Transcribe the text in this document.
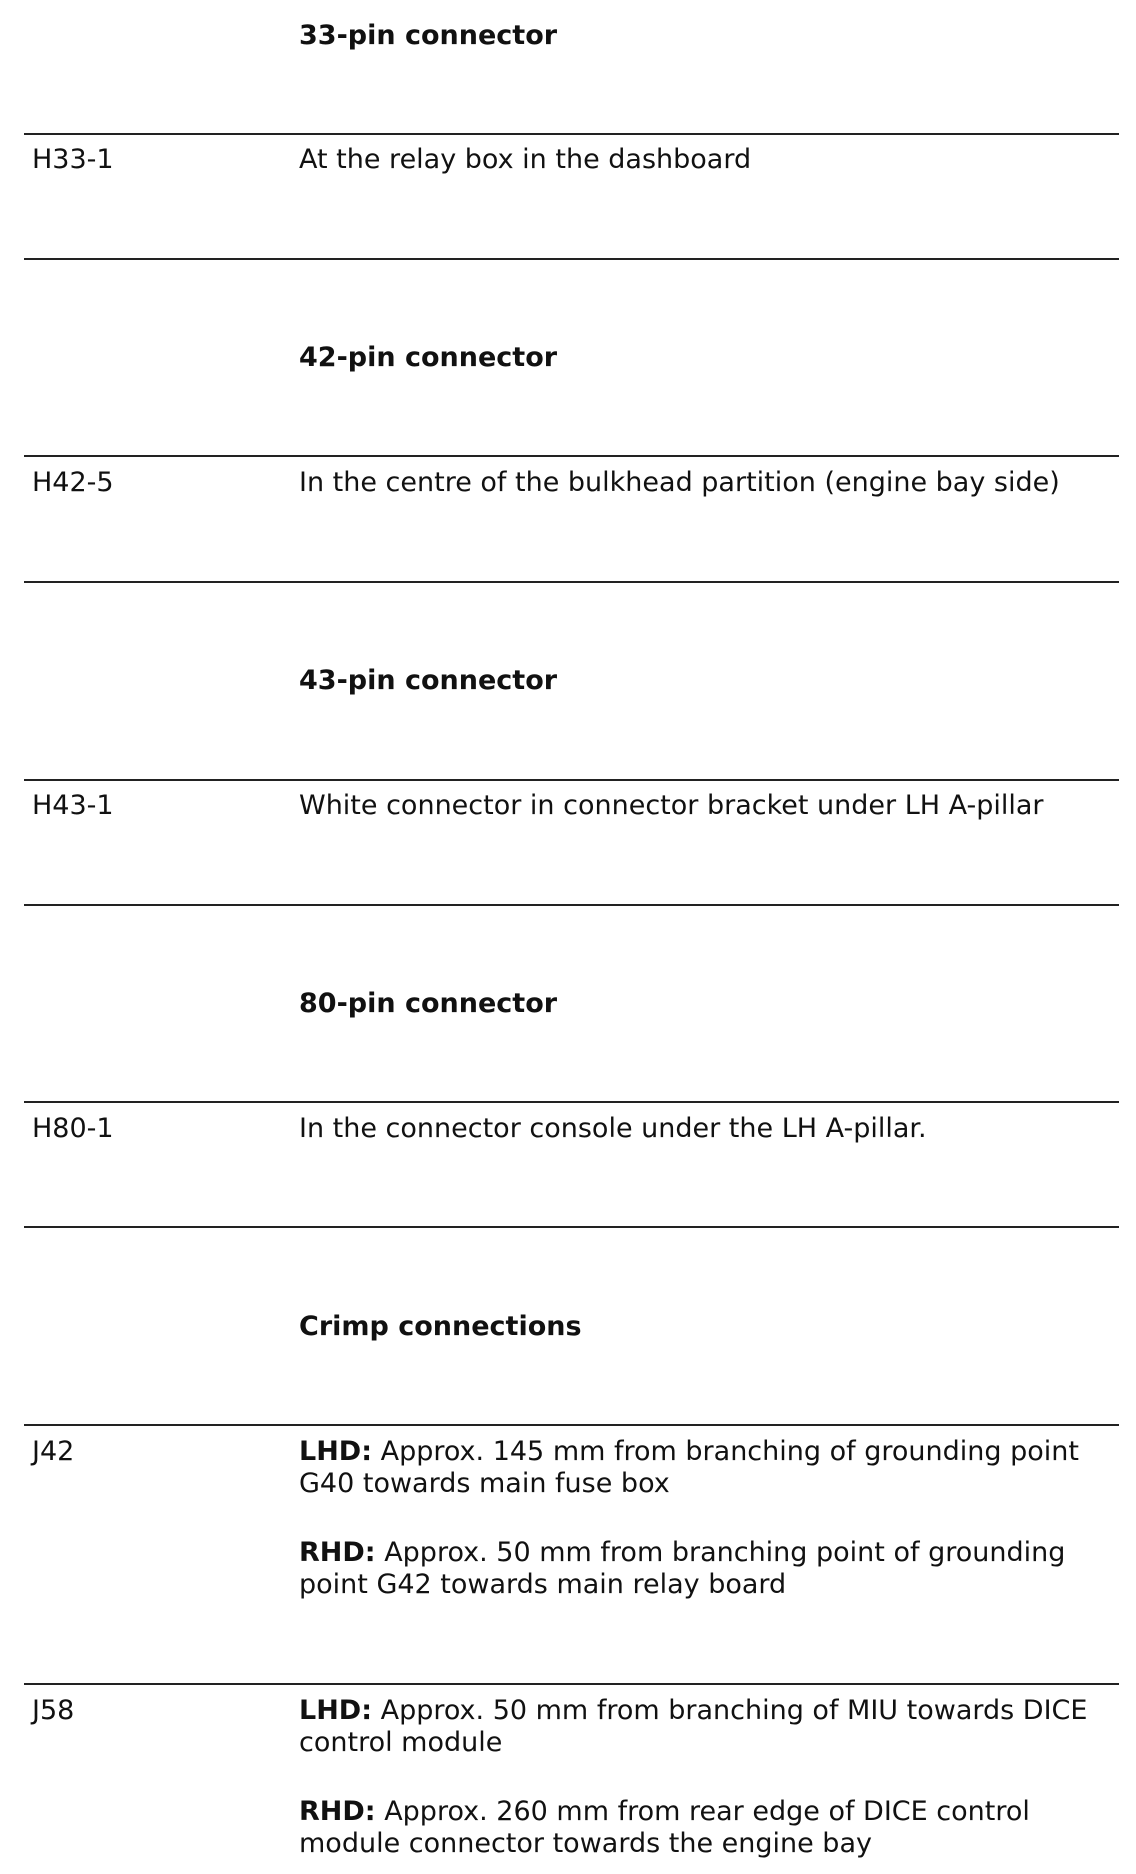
33-pin connector
H33-1	At the relay box in the dashboard
42-pin connector
H42-5	In the centre of the bulkhead partition (engine bay side)
43-pin connector
H43-1	White connector in connector bracket under LH A-pillar
80-pin connector
H80-1	In the connector console under the LH A-pillar.
Crimp connections
J42	LHD: Approx. 145 mm from branching of grounding point G40 towards main fuse box
RHD: Approx. 50 mm from branching point of grounding point G42 towards main relay board
J58	LHD: Approx. 50 mm from branching of MIU towards DICE control module
RHD: Approx. 260 mm from rear edge of DICE control module connector towards the engine bay
